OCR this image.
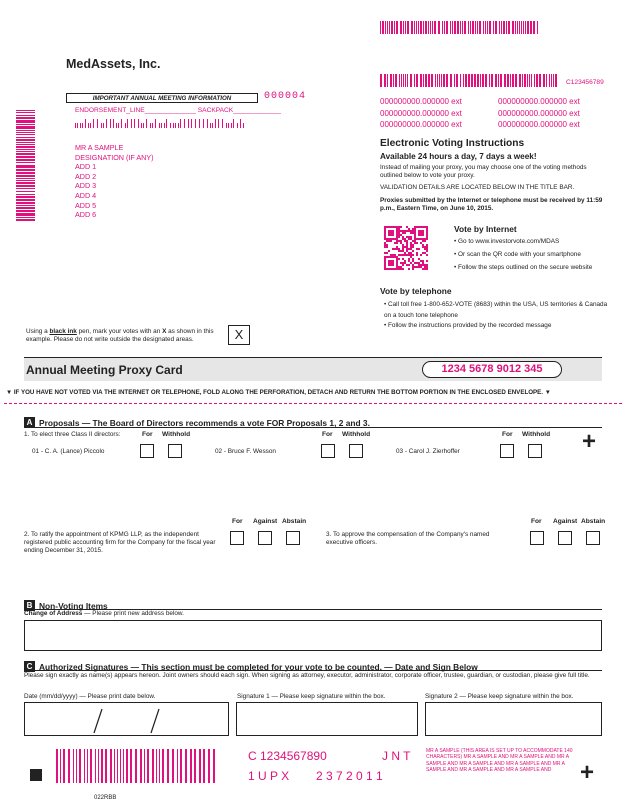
MedAssets, Inc.
IMPORTANT ANNUAL MEETING INFORMATION	000004
ENDORSEMENT_LINE______________ SACKPACK_____________
MR A SAMPLE
DESIGNATION (IF ANY)
ADD 1
ADD 2
ADD 3
ADD 4
ADD 5
ADD 6
C123456789
000000000.000000 ext	000000000.000000 ext
000000000.000000 ext	000000000.000000 ext
000000000.000000 ext	000000000.000000 ext
Electronic Voting Instructions
Available 24 hours a day, 7 days a week!
Instead of mailing your proxy, you may choose one of the voting methods outlined below to vote your proxy.
VALIDATION DETAILS ARE LOCATED BELOW IN THE TITLE BAR.
Proxies submitted by the Internet or telephone must be received by 11:59 p.m., Eastern Time, on June 10, 2015.
Vote by Internet
• Go to www.investorvote.com/MDAS
• Or scan the QR code with your smartphone
• Follow the steps outlined on the secure website
Vote by telephone
• Call toll free 1-800-652-VOTE (8683) within the USA, US territories & Canada on a touch tone telephone
• Follow the instructions provided by the recorded message
Using a black ink pen, mark your votes with an X as shown in this example. Please do not write outside the designated areas.	X
Annual Meeting Proxy Card	1234 5678 9012 345
▼ IF YOU HAVE NOT VOTED VIA THE INTERNET OR TELEPHONE, FOLD ALONG THE PERFORATION, DETACH AND RETURN THE BOTTOM PORTION IN THE ENCLOSED ENVELOPE. ▼
A Proposals — The Board of Directors recommends a vote FOR Proposals 1, 2 and 3.
1. To elect three Class II directors:	For Withhold	For Withhold	For Withhold
01 - C. A. (Lance) Piccolo	02 - Bruce F. Wesson	03 - Carol J. Zierhoffer	+
For Against Abstain	For Against Abstain
2. To ratify the appointment of KPMG LLP, as the independent registered public accounting firm for the Company for the fiscal year ending December 31, 2015.
3. To approve the compensation of the Company's named executive officers.
B Non-Voting Items
Change of Address — Please print new address below.
C Authorized Signatures — This section must be completed for your vote to be counted. — Date and Sign Below
Please sign exactly as name(s) appears hereon. Joint owners should each sign. When signing as attorney, executor, administrator, corporate officer, trustee, guardian, or custodian, please give full title.
Date (mm/dd/yyyy) — Please print date below.	Signature 1 — Please keep signature within the box.	Signature 2 — Please keep signature within the box.
C 1234567890	J N T
1 U P X 2 3 7 2 0 1 1
MR A SAMPLE (THIS AREA IS SET UP TO ACCOMMODATE 140 CHARACTERS) MR A SAMPLE AND MR A SAMPLE AND MR A SAMPLE AND MR A SAMPLE AND MR A SAMPLE AND MR A SAMPLE AND MR A SAMPLE AND MR A SAMPLE AND	+
022RBB
